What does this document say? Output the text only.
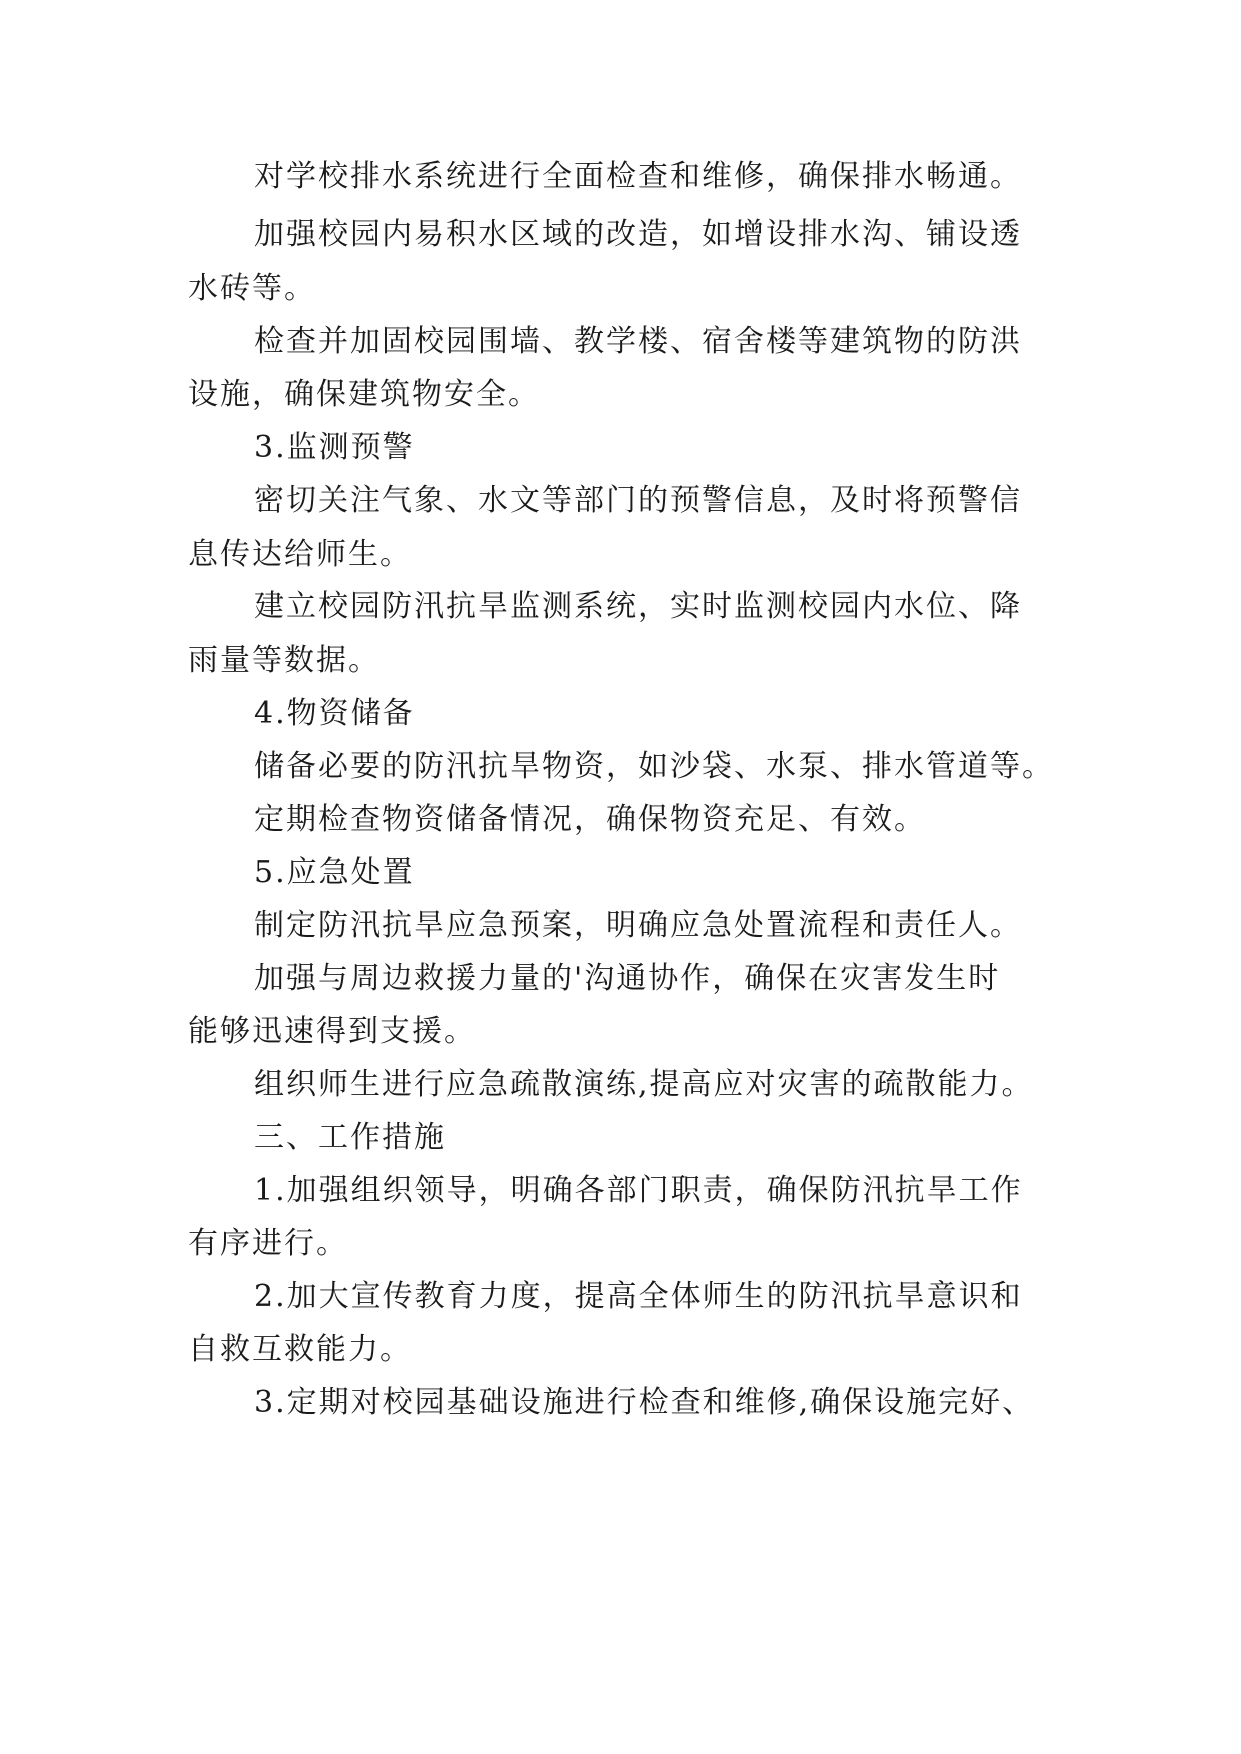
对学校排水系统进行全面检查和维修，确保排水畅通。
加强校园内易积水区域的改造，如增设排水沟、铺设透
水砖等。
检查并加固校园围墙、教学楼、宿舍楼等建筑物的防洪
设施，确保建筑物安全。
3.监测预警
密切关注气象、水文等部门的预警信息，及时将预警信
息传达给师生。
建立校园防汛抗旱监测系统，实时监测校园内水位、降
雨量等数据。
4.物资储备
储备必要的防汛抗旱物资，如沙袋、水泵、排水管道等。
定期检查物资储备情况，确保物资充足、有效。
5.应急处置
制定防汛抗旱应急预案，明确应急处置流程和责任人。
加强与周边救援力量的'沟通协作，确保在灾害发生时
能够迅速得到支援。
组织师生进行应急疏散演练,提高应对灾害的疏散能力。
三、工作措施
1.加强组织领导，明确各部门职责，确保防汛抗旱工作
有序进行。
2.加大宣传教育力度，提高全体师生的防汛抗旱意识和
自救互救能力。
3.定期对校园基础设施进行检查和维修,确保设施完好、
